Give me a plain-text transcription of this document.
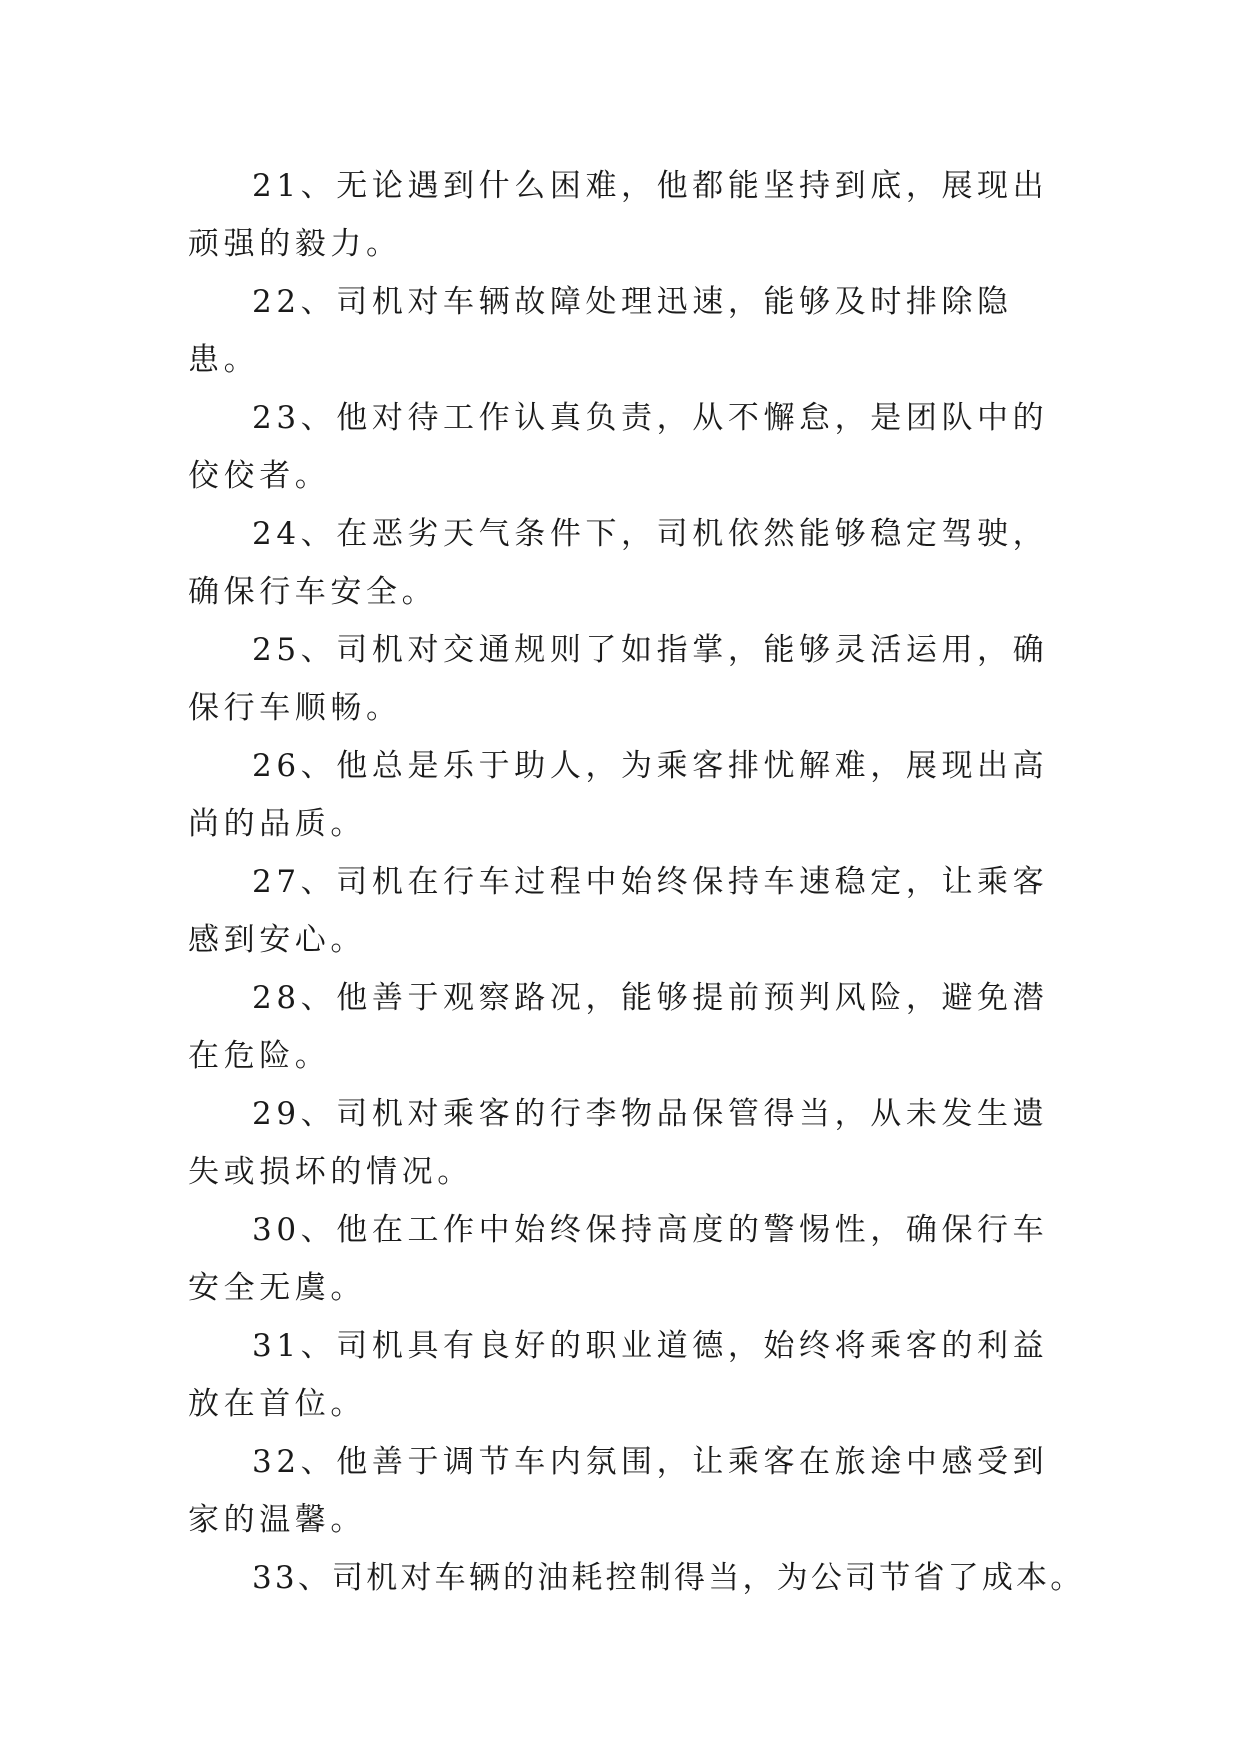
21、无论遇到什么困难，他都能坚持到底，展现出顽强的毅力。

22、司机对车辆故障处理迅速，能够及时排除隐患。

23、他对待工作认真负责，从不懈怠，是团队中的佼佼者。

24、在恶劣天气条件下，司机依然能够稳定驾驶，确保行车安全。

25、司机对交通规则了如指掌，能够灵活运用，确保行车顺畅。

26、他总是乐于助人，为乘客排忧解难，展现出高尚的品质。

27、司机在行车过程中始终保持车速稳定，让乘客感到安心。

28、他善于观察路况，能够提前预判风险，避免潜在危险。

29、司机对乘客的行李物品保管得当，从未发生遗失或损坏的情况。

30、他在工作中始终保持高度的警惕性，确保行车安全无虞。

31、司机具有良好的职业道德，始终将乘客的利益放在首位。

32、他善于调节车内氛围，让乘客在旅途中感受到家的温馨。

33、司机对车辆的油耗控制得当，为公司节省了成本。
